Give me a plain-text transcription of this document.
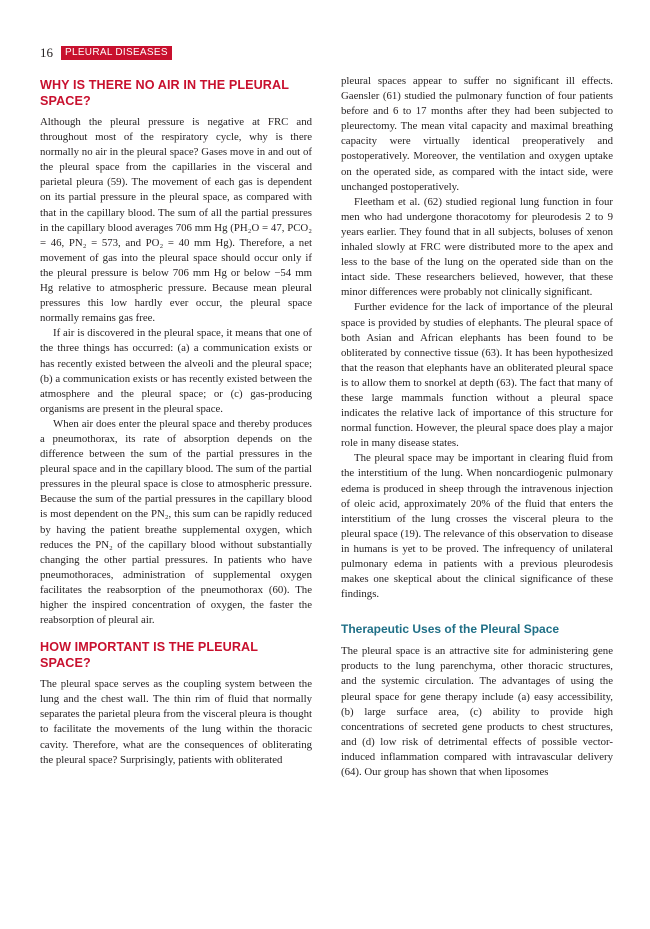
16	PLEURAL DISEASES
WHY IS THERE NO AIR IN THE PLEURAL SPACE?

Although the pleural pressure is negative at FRC and throughout most of the respiratory cycle, why is there normally no air in the pleural space? Gases move in and out of the pleural space from the capillaries in the visceral and parietal pleura (59). The movement of each gas is dependent on its partial pressure in the pleural space, as compared with that in the capillary blood. The sum of all the partial pressures in the capillary blood averages 706 mm Hg (PH₂O = 47, PCO₂ = 46, PN₂ = 573, and PO₂ = 40 mm Hg). Therefore, a net movement of gas into the pleural space should occur only if the pleural pressure is below 706 mm Hg or below −54 mm Hg relative to atmospheric pressure. Because mean pleural pressures this low hardly ever occur, the pleural space normally remains gas free.

If air is discovered in the pleural space, it means that one of the three things has occurred: (a) a communication exists or has recently existed between the alveoli and the pleural space; (b) a communication exists or has recently existed between the atmosphere and the pleural space; or (c) gas-producing organisms are present in the pleural space.

When air does enter the pleural space and thereby produces a pneumothorax, its rate of absorption depends on the difference between the sum of the partial pressures in the pleural space and in the capillary blood. The sum of the partial pressures in the pleural space is close to atmospheric pressure. Because the sum of the partial pressures in the capillary blood is most dependent on the PN₂, this sum can be rapidly reduced by having the patient breathe supplemental oxygen, which reduces the PN₂ of the capillary blood without substantially changing the other partial pressures. In patients who have pneumothoraces, administration of supplemental oxygen facilitates the reabsorption of the pneumothorax (60). The higher the inspired concentration of oxygen, the faster the reabsorption of pleural air.

HOW IMPORTANT IS THE PLEURAL SPACE?

The pleural space serves as the coupling system between the lung and the chest wall. The thin rim of fluid that normally separates the parietal pleura from the visceral pleura is thought to facilitate the movements of the lung within the thoracic cavity. Therefore, what are the consequences of obliterating the pleural space? Surprisingly, patients with obliterated

pleural spaces appear to suffer no significant ill effects. Gaensler (61) studied the pulmonary function of four patients before and 6 to 17 months after they had been subjected to pleurectomy. The mean vital capacity and maximal breathing capacity were virtually identical preoperatively and postoperatively. Moreover, the ventilation and oxygen uptake on the operated side, as compared with the intact side, were unchanged postoperatively.

Fleetham et al. (62) studied regional lung function in four men who had undergone thoracotomy for pleurodesis 2 to 9 years earlier. They found that in all subjects, boluses of xenon inhaled slowly at FRC were distributed more to the apex and less to the base of the lung on the operated side than on the intact side. These researchers believed, however, that these minor differences were probably not clinically significant.

Further evidence for the lack of importance of the pleural space is provided by studies of elephants. The pleural space of both Asian and African elephants has been found to be obliterated by connective tissue (63). It has been hypothesized that the reason that elephants have an obliterated pleural space is to allow them to snorkel at depth (63). The fact that many of these large mammals function without a pleural space indicates the relative lack of importance of this structure for normal function. However, the pleural space does play a major role in many disease states.

The pleural space may be important in clearing fluid from the interstitium of the lung. When noncardiogenic pulmonary edema is produced in sheep through the intravenous injection of oleic acid, approximately 20% of the fluid that enters the interstitium of the lung crosses the visceral pleura to the pleural space (19). The relevance of this observation to disease in humans is yet to be proved. The infrequency of unilateral pulmonary edema in patients with a previous pleurodesis makes one skeptical about the clinical significance of these findings.

Therapeutic Uses of the Pleural Space

The pleural space is an attractive site for administering gene products to the lung parenchyma, other thoracic structures, and the systemic circulation. The advantages of using the pleural space for gene therapy include (a) easy accessibility, (b) large surface area, (c) ability to provide high concentrations of secreted gene products to chest structures, and (d) low risk of detrimental effects of possible vector-induced inflammation compared with intravascular delivery (64). Our group has shown that when liposomes
